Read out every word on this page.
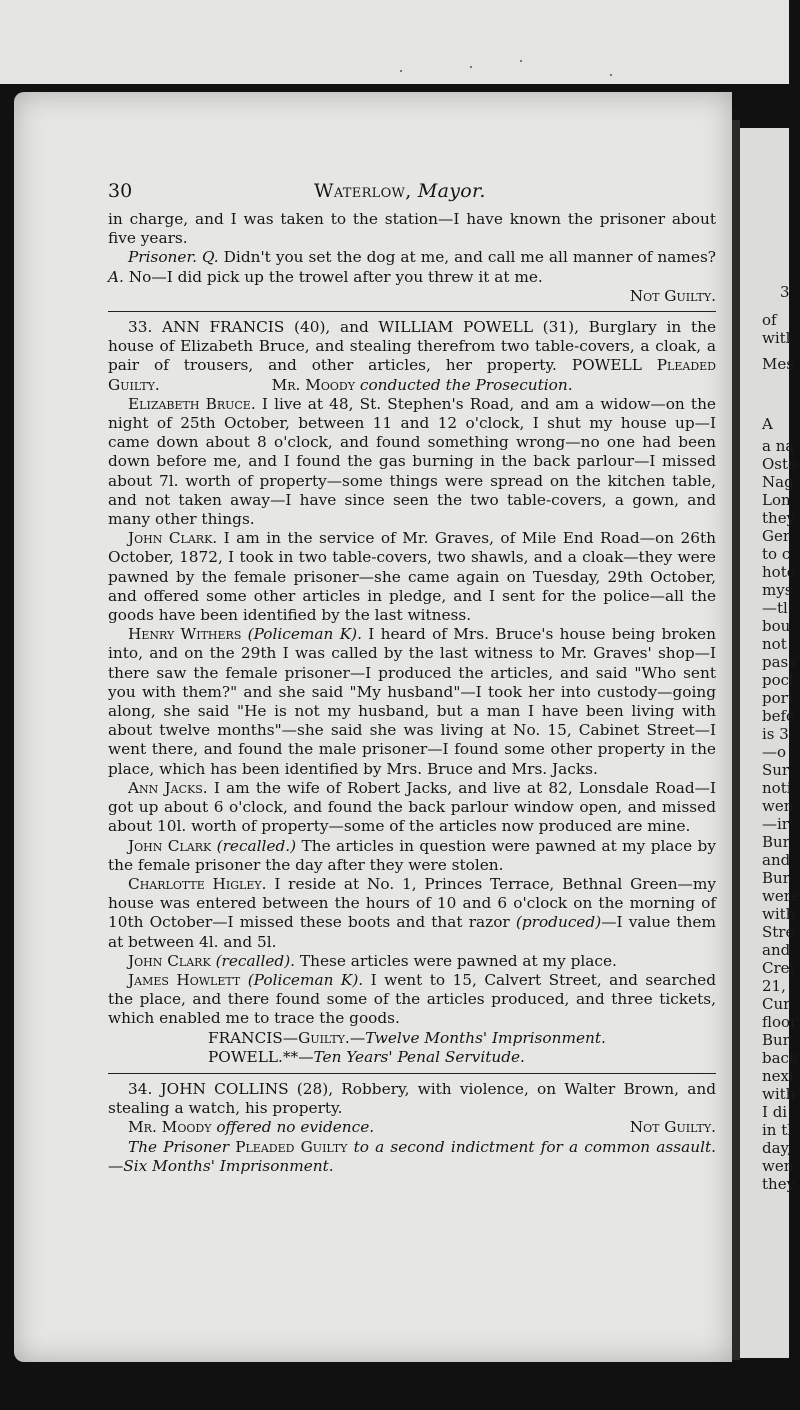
3
of
witl
Mes
A
a na
Oste
Nag
Lon
they
Ger
to c
hote
mys
—tl
bou
not
pass
pocl
port
befc
is 3
—o
Sur
noti
wen
—ir
Bur
and
Bur
were
with
Stre
and
Crei
21,
Cur
floor
Bur
back
next
with
I di
in tl
day,
wen
they
30	Waterlow, Mayor.

in charge, and I was taken to the station—I have known the prisoner about five years.

Prisoner. Q. Didn't you set the dog at me, and call me all manner of names? A. No—I did pick up the trowel after you threw it at me.

Not Guilty.

33. ANN FRANCIS (40), and WILLIAM POWELL (31), Burglary in the house of Elizabeth Bruce, and stealing therefrom two table-covers, a cloak, a pair of trousers, and other articles, her property. POWELL Pleaded Guilty.	Mr. Moody conducted the Prosecution.

Elizabeth Bruce. I live at 48, St. Stephen's Road, and am a widow—on the night of 25th October, between 11 and 12 o'clock, I shut my house up—I came down about 8 o'clock, and found something wrong—no one had been down before me, and I found the gas burning in the back parlour—I missed about 7l. worth of property—some things were spread on the kitchen table, and not taken away—I have since seen the two table-covers, a gown, and many other things.

John Clark. I am in the service of Mr. Graves, of Mile End Road—on 26th October, 1872, I took in two table-covers, two shawls, and a cloak—they were pawned by the female prisoner—she came again on Tuesday, 29th October, and offered some other articles in pledge, and I sent for the police—all the goods have been identified by the last witness.

Henry Withers (Policeman K). I heard of Mrs. Bruce's house being broken into, and on the 29th I was called by the last witness to Mr. Graves' shop—I there saw the female prisoner—I produced the articles, and said "Who sent you with them?" and she said "My husband"—I took her into custody—going along, she said "He is not my husband, but a man I have been living with about twelve months"—she said she was living at No. 15, Cabinet Street—I went there, and found the male prisoner—I found some other property in the place, which has been identified by Mrs. Bruce and Mrs. Jacks.

Ann Jacks. I am the wife of Robert Jacks, and live at 82, Lonsdale Road—I got up about 6 o'clock, and found the back parlour window open, and missed about 10l. worth of property—some of the articles now produced are mine.

John Clark (recalled.) The articles in question were pawned at my place by the female prisoner the day after they were stolen.

Charlotte Higley. I reside at No. 1, Princes Terrace, Bethnal Green—my house was entered between the hours of 10 and 6 o'clock on the morning of 10th October—I missed these boots and that razor (produced)—I value them at between 4l. and 5l.

John Clark (recalled). These articles were pawned at my place.

James Howlett (Policeman K). I went to 15, Calvert Street, and searched the place, and there found some of the articles produced, and three tickets, which enabled me to trace the goods.

FRANCIS—Guilty.—Twelve Months' Imprisonment.
POWELL.**—Ten Years' Penal Servitude.

34. JOHN COLLINS (28), Robbery, with violence, on Walter Brown, and stealing a watch, his property.

Mr. Moody offered no evidence.	Not Guilty.

The Prisoner Pleaded Guilty to a second indictment for a common assault. —Six Months' Imprisonment.
